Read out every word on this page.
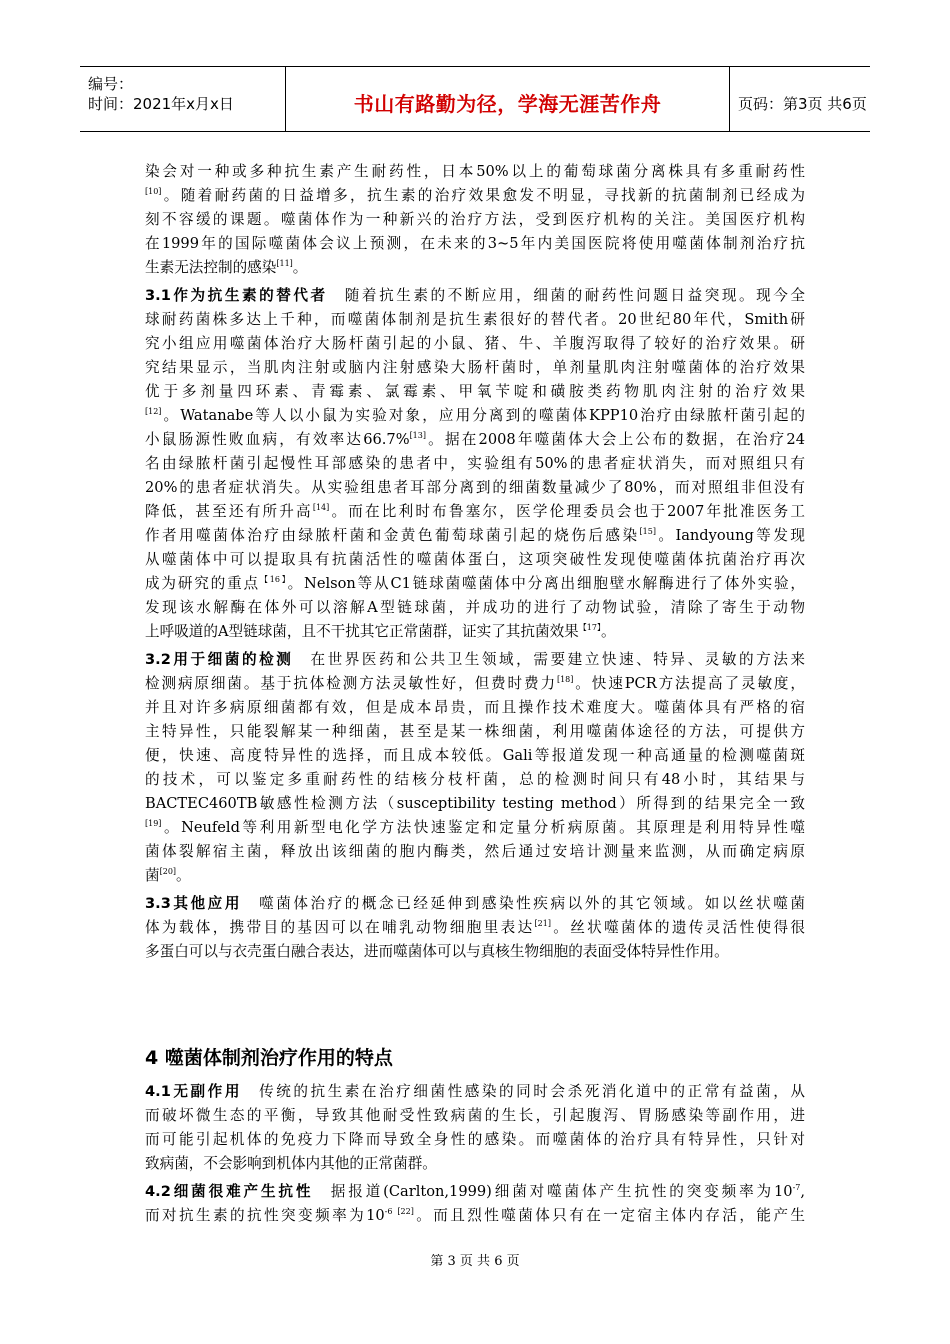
编号：
时间：2021年x月x日	书山有路勤为径，学海无涯苦作舟	页码：第3页 共6页
染会对一种或多种抗生素产生耐药性，日本50%以上的葡萄球菌分离株具有多重耐药性
[10]。随着耐药菌的日益增多，抗生素的治疗效果愈发不明显，寻找新的抗菌制剂已经成为
刻不容缓的课题。噬菌体作为一种新兴的治疗方法，受到医疗机构的关注。美国医疗机构
在1999年的国际噬菌体会议上预测，在未来的3~5年内美国医院将使用噬菌体制剂治疗抗
生素无法控制的感染[11]。
3.1作为抗生素的替代者　随着抗生素的不断应用，细菌的耐药性问题日益突现。现今全
球耐药菌株多达上千种，而噬菌体制剂是抗生素很好的替代者。20世纪80年代，Smith研
究小组应用噬菌体治疗大肠杆菌引起的小鼠、猪、牛、羊腹泻取得了较好的治疗效果。研
究结果显示，当肌肉注射或脑内注射感染大肠杆菌时，单剂量肌肉注射噬菌体的治疗效果
优于多剂量四环素、青霉素、氯霉素、甲氧苄啶和磺胺类药物肌肉注射的治疗效果
[12]。Watanabe等人以小鼠为实验对象，应用分离到的噬菌体KPP10治疗由绿脓杆菌引起的
小鼠肠源性败血病，有效率达66.7%[13]。据在2008年噬菌体大会上公布的数据，在治疗24
名由绿脓杆菌引起慢性耳部感染的患者中，实验组有50%的患者症状消失，而对照组只有
20%的患者症状消失。从实验组患者耳部分离到的细菌数量减少了80%，而对照组非但没有
降低，甚至还有所升高[14]。而在比利时布鲁塞尔，医学伦理委员会也于2007年批准医务工
作者用噬菌体治疗由绿脓杆菌和金黄色葡萄球菌引起的烧伤后感染[15]。Iandyoung等发现
从噬菌体中可以提取具有抗菌活性的噬菌体蛋白，这项突破性发现使噬菌体抗菌治疗再次
成为研究的重点$^{【16】}$。Nelson等从C1链球菌噬菌体中分离出细胞壁水解酶进行了体外实验，
发现该水解酶在体外可以溶解A型链球菌，并成功的进行了动物试验，清除了寄生于动物
上呼吸道的A型链球菌，且不干扰其它正常菌群，证实了其抗菌效果$^{【17】}$。
3.2用于细菌的检测　在世界医药和公共卫生领域，需要建立快速、特异、灵敏的方法来
检测病原细菌。基于抗体检测方法灵敏性好，但费时费力[18]。快速PCR方法提高了灵敏度，
并且对许多病原细菌都有效，但是成本昂贵，而且操作技术难度大。噬菌体具有严格的宿
主特异性，只能裂解某一种细菌，甚至是某一株细菌，利用噬菌体途径的方法，可提供方
便，快速、高度特异性的选择，而且成本较低。Gali等报道发现一种高通量的检测噬菌斑
的技术，可以鉴定多重耐药性的结核分枝杆菌，总的检测时间只有48小时，其结果与
BACTEC460TB敏感性检测方法（susceptibility testing method）所得到的结果完全一致
[19]。Neufeld等利用新型电化学方法快速鉴定和定量分析病原菌。其原理是利用特异性噬
菌体裂解宿主菌，释放出该细菌的胞内酶类，然后通过安培计测量来监测，从而确定病原
菌[20]。
3.3其他应用　噬菌体治疗的概念已经延伸到感染性疾病以外的其它领域。如以丝状噬菌
体为载体，携带目的基因可以在哺乳动物细胞里表达[21]。丝状噬菌体的遗传灵活性使得很
多蛋白可以与衣壳蛋白融合表达，进而噬菌体可以与真核生物细胞的表面受体特异性作用。
4 噬菌体制剂治疗作用的特点
4.1无副作用　传统的抗生素在治疗细菌性感染的同时会杀死消化道中的正常有益菌，从
而破坏微生态的平衡，导致其他耐受性致病菌的生长，引起腹泻、胃肠感染等副作用，进
而可能引起机体的免疫力下降而导致全身性的感染。而噬菌体的治疗具有特异性，只针对
致病菌，不会影响到机体内其他的正常菌群。
4.2细菌很难产生抗性　据报道(Carlton,1999)细菌对噬菌体产生抗性的突变频率为$10^{-7}$,
而对抗生素的抗性突变频率为$10^{-6 [22]}$。而且烈性噬菌体只有在一定宿主体内存活，能产生
第 3 页 共 6 页
